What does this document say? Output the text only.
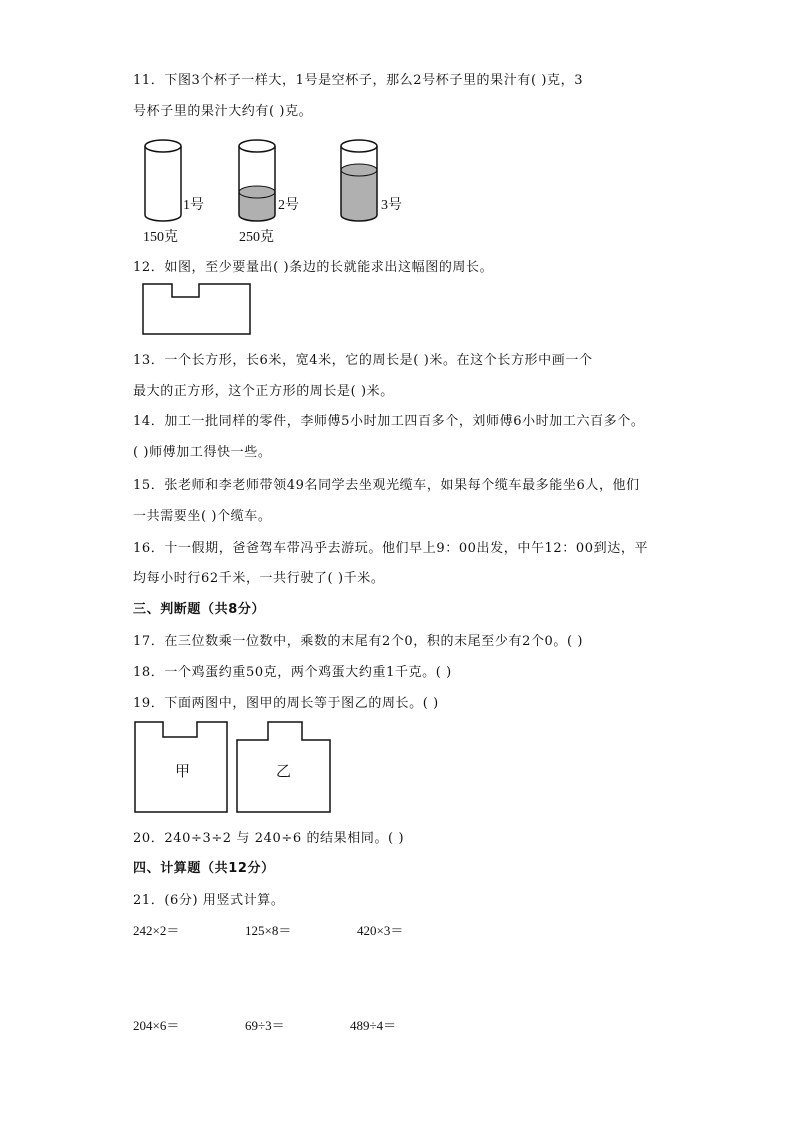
11．下图3个杯子一样大，1号是空杯子，那么2号杯子里的果汁有( )克，3
号杯子里的果汁大约有( )克。
1号	2号	3号
150克	250克
甲	乙
12．如图，至少要量出( )条边的长就能求出这幅图的周长。
13．一个长方形，长6米，宽4米，它的周长是( )米。在这个长方形中画一个
最大的正方形，这个正方形的周长是( )米。
14．加工一批同样的零件，李师傅5小时加工四百多个，刘师傅6小时加工六百多个。
( )师傅加工得快一些。
15．张老师和李老师带领49名同学去坐观光缆车，如果每个缆车最多能坐6人，他们
一共需要坐( )个缆车。
16．十一假期，爸爸驾车带冯乎去游玩。他们早上9：00出发，中午12：00到达，平
均每小时行62千米，一共行驶了( )千米。
三、判断题（共8分）
17．在三位数乘一位数中，乘数的末尾有2个0，积的末尾至少有2个0。( )
18．一个鸡蛋约重50克，两个鸡蛋大约重1千克。( )
19．下面两图中，图甲的周长等于图乙的周长。( )
20．240÷3÷2 与 240÷6 的结果相同。( )
四、计算题（共12分）
21．(6分) 用竖式计算。
242×2＝	125×8＝	420×3＝
204×6＝	69÷3＝	489÷4＝
